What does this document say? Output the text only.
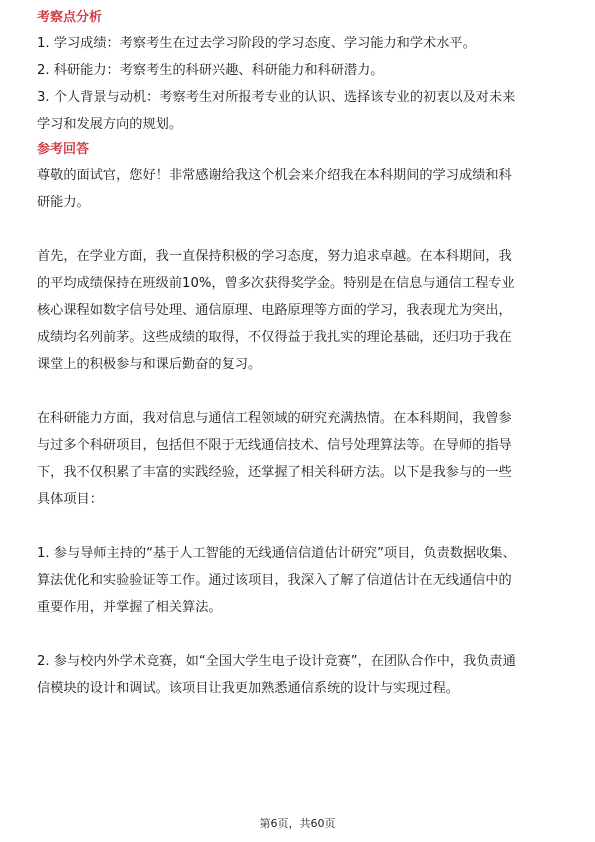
考察点分析
1. 学习成绩：考察考生在过去学习阶段的学习态度、学习能力和学术水平。
2. 科研能力：考察考生的科研兴趣、科研能力和科研潜力。
3. 个人背景与动机：考察考生对所报考专业的认识、选择该专业的初衷以及对未来
学习和发展方向的规划。
参考回答
尊敬的面试官，您好！非常感谢给我这个机会来介绍我在本科期间的学习成绩和科
研能力。
首先，在学业方面，我一直保持积极的学习态度，努力追求卓越。在本科期间，我
的平均成绩保持在班级前10%，曾多次获得奖学金。特别是在信息与通信工程专业
核心课程如数字信号处理、通信原理、电路原理等方面的学习，我表现尤为突出，
成绩均名列前茅。这些成绩的取得，不仅得益于我扎实的理论基础，还归功于我在
课堂上的积极参与和课后勤奋的复习。
在科研能力方面，我对信息与通信工程领域的研究充满热情。在本科期间，我曾参
与过多个科研项目，包括但不限于无线通信技术、信号处理算法等。在导师的指导
下，我不仅积累了丰富的实践经验，还掌握了相关科研方法。以下是我参与的一些
具体项目：
1. 参与导师主持的“基于人工智能的无线通信信道估计研究”项目，负责数据收集、
算法优化和实验验证等工作。通过该项目，我深入了解了信道估计在无线通信中的
重要作用，并掌握了相关算法。
2. 参与校内外学术竞赛，如“全国大学生电子设计竞赛”，在团队合作中，我负责通
信模块的设计和调试。该项目让我更加熟悉通信系统的设计与实现过程。
第6页，共60页
